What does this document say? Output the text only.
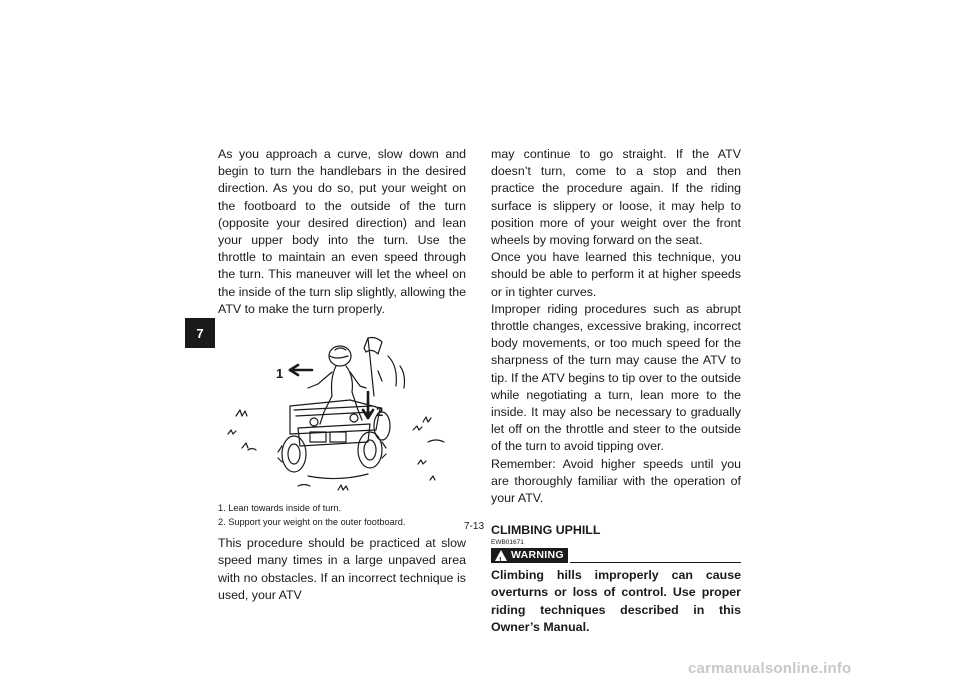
7

As you approach a curve, slow down and begin to turn the handlebars in the desired direction. As you do so, put your weight on the footboard to the outside of the turn (opposite your desired direction) and lean your upper body into the turn. Use the throttle to maintain an even speed through the turn. This maneuver will let the wheel on the inside of the turn slip slightly, allowing the ATV to make the turn properly.

1
2
1. Lean towards inside of turn.
2. Support your weight on the outer footboard.

This procedure should be practiced at slow speed many times in a large unpaved area with no obstacles. If an incorrect technique is used, your ATV

may continue to go straight. If the ATV doesn’t turn, come to a stop and then practice the procedure again. If the riding surface is slippery or loose, it may help to position more of your weight over the front wheels by moving forward on the seat.

Once you have learned this technique, you should be able to perform it at higher speeds or in tighter curves.

Improper riding procedures such as abrupt throttle changes, excessive braking, incorrect body movements, or too much speed for the sharpness of the turn may cause the ATV to tip. If the ATV begins to tip over to the outside while negotiating a turn, lean more to the inside. It may also be necessary to gradually let off on the throttle and steer to the outside of the turn to avoid tipping over.

Remember: Avoid higher speeds until you are thoroughly familiar with the operation of your ATV.

CLIMBING UPHILL
EWB01671
! WARNING
Climbing hills improperly can cause overturns or loss of control. Use proper riding techniques described in this Owner’s Manual.
7-13
carmanualsonline.info
